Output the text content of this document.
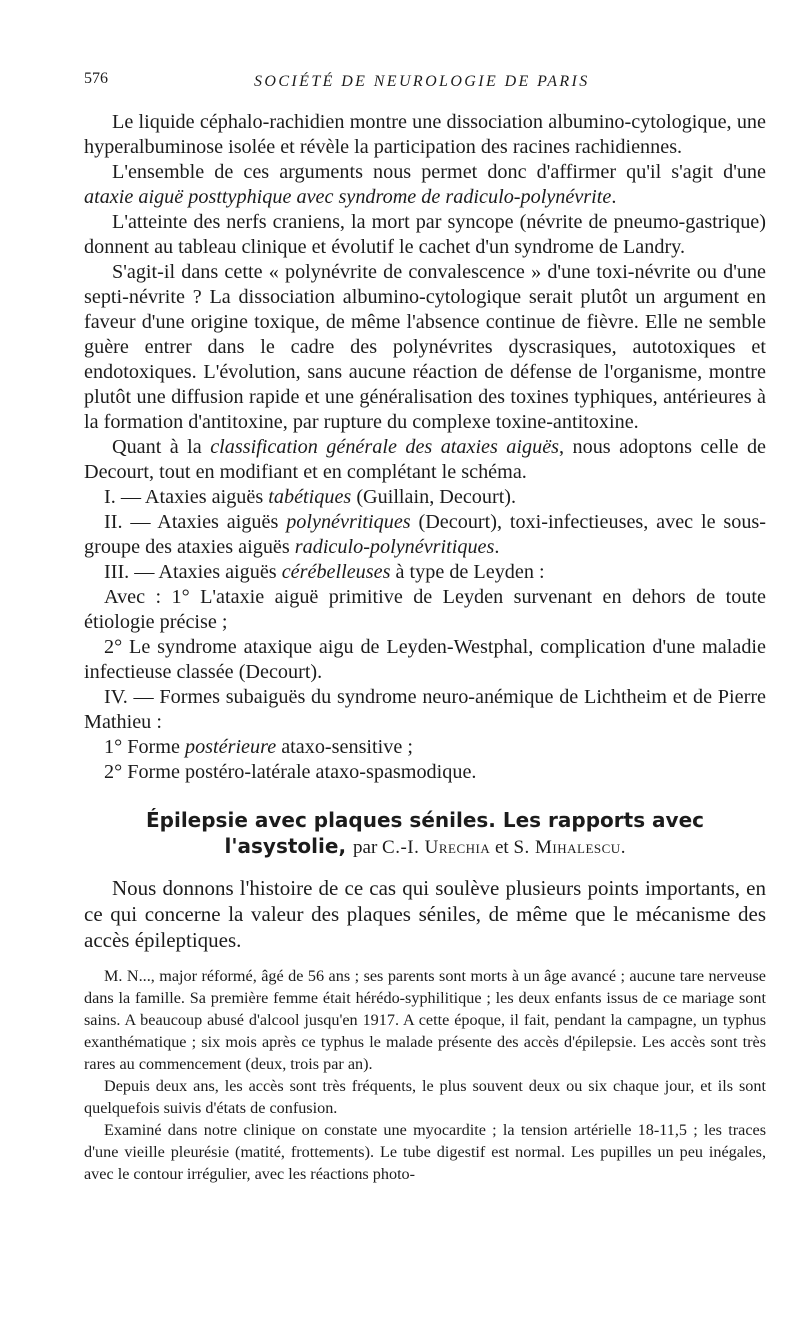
576	SOCIÉTÉ DE NEUROLOGIE DE PARIS

Le liquide céphalo-rachidien montre une dissociation albumino-cytologique, une hyperalbuminose isolée et révèle la participation des racines rachidiennes.

L'ensemble de ces arguments nous permet donc d'affirmer qu'il s'agit d'une ataxie aiguë posttyphique avec syndrome de radiculo-polynévrite.

L'atteinte des nerfs craniens, la mort par syncope (névrite de pneumo-gastrique) donnent au tableau clinique et évolutif le cachet d'un syndrome de Landry.

S'agit-il dans cette « polynévrite de convalescence » d'une toxi-névrite ou d'une septi-névrite ? La dissociation albumino-cytologique serait plutôt un argument en faveur d'une origine toxique, de même l'absence continue de fièvre. Elle ne semble guère entrer dans le cadre des polynévrites dyscrasiques, autotoxiques et endotoxiques. L'évolution, sans aucune réaction de défense de l'organisme, montre plutôt une diffusion rapide et une généralisation des toxines typhiques, antérieures à la formation d'antitoxine, par rupture du complexe toxine-antitoxine.

Quant à la classification générale des ataxies aiguës, nous adoptons celle de Decourt, tout en modifiant et en complétant le schéma.

I. — Ataxies aiguës tabétiques (Guillain, Decourt).

II. — Ataxies aiguës polynévritiques (Decourt), toxi-infectieuses, avec le sous-groupe des ataxies aiguës radiculo-polynévritiques.

III. — Ataxies aiguës cérébelleuses à type de Leyden :

Avec : 1° L'ataxie aiguë primitive de Leyden survenant en dehors de toute étiologie précise ;

2° Le syndrome ataxique aigu de Leyden-Westphal, complication d'une maladie infectieuse classée (Decourt).

IV. — Formes subaiguës du syndrome neuro-anémique de Lichtheim et de Pierre Mathieu :

1° Forme postérieure ataxo-sensitive ;

2° Forme postéro-latérale ataxo-spasmodique.

Épilepsie avec plaques séniles. Les rapports avec l'asystolie, par C.-I. Urechia et S. Mihalescu.

Nous donnons l'histoire de ce cas qui soulève plusieurs points importants, en ce qui concerne la valeur des plaques séniles, de même que le mécanisme des accès épileptiques.

M. N..., major réformé, âgé de 56 ans ; ses parents sont morts à un âge avancé ; aucune tare nerveuse dans la famille. Sa première femme était hérédo-syphilitique ; les deux enfants issus de ce mariage sont sains. A beaucoup abusé d'alcool jusqu'en 1917. A cette époque, il fait, pendant la campagne, un typhus exanthématique ; six mois après ce typhus le malade présente des accès d'épilepsie. Les accès sont très rares au commencement (deux, trois par an).

Depuis deux ans, les accès sont très fréquents, le plus souvent deux ou six chaque jour, et ils sont quelquefois suivis d'états de confusion.

Examiné dans notre clinique on constate une myocardite ; la tension artérielle 18-11,5 ; les traces d'une vieille pleurésie (matité, frottements). Le tube digestif est normal. Les pupilles un peu inégales, avec le contour irrégulier, avec les réactions photo-
